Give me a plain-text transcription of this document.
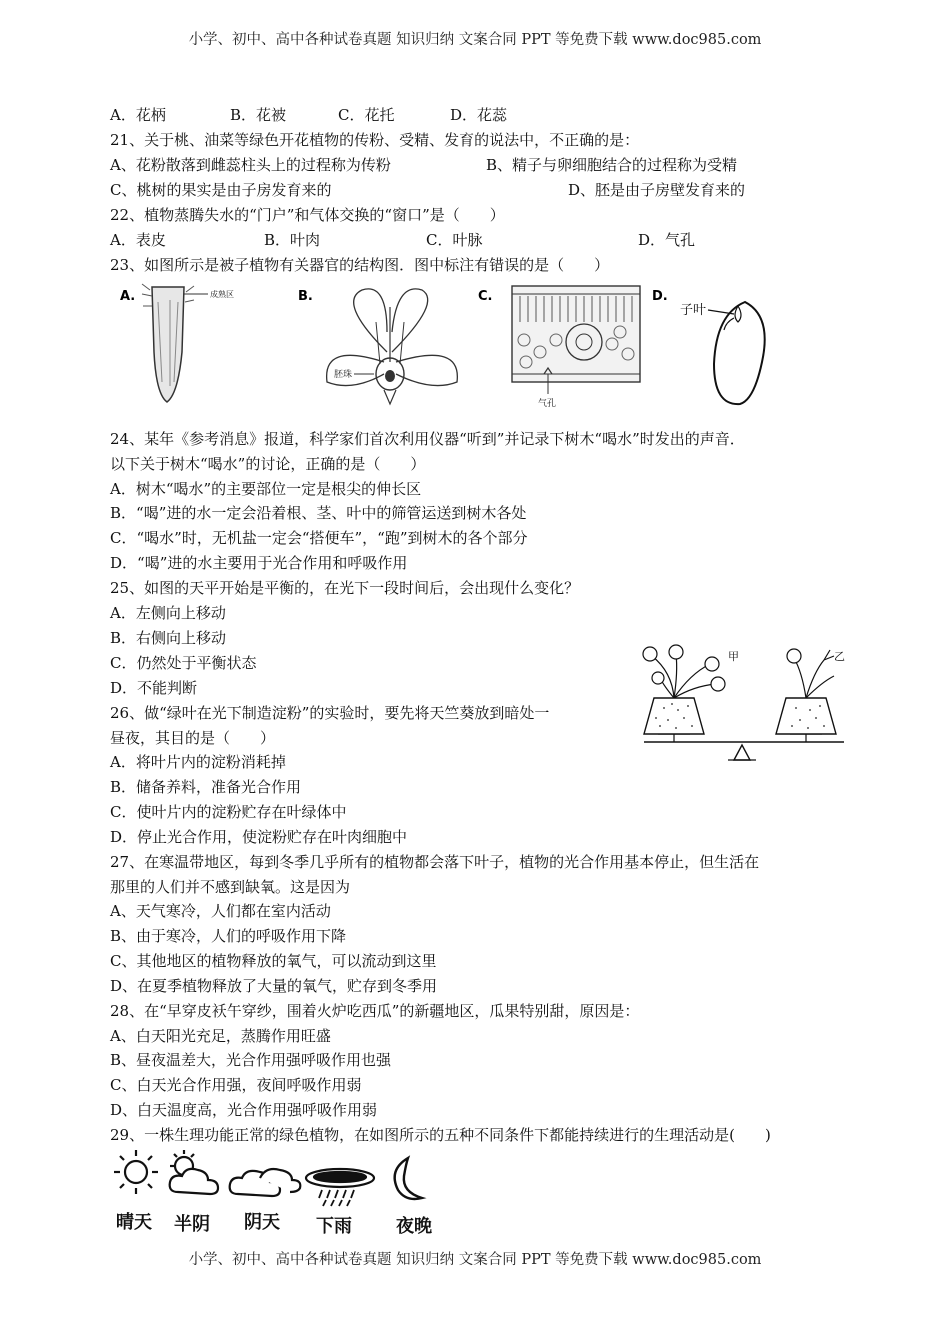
小学、初中、高中各种试卷真题 知识归纳 文案合同 PPT 等免费下载 www.doc985.com
A．花柄	B．花被	C．花托	D．花蕊
21、关于桃、油菜等绿色开花植物的传粉、受精、发育的说法中，不正确的是：
A、花粉散落到雌蕊柱头上的过程称为传粉	B、精子与卵细胞结合的过程称为受精
C、桃树的果实是由子房发育来的	D、胚是由子房壁发育来的
22、植物蒸腾失水的“门户”和气体交换的“窗口”是（　　）
A．表皮	B．叶肉	C．叶脉	D．气孔
23、如图所示是被子植物有关器官的结构图．图中标注有错误的是（　　）
A.	成熟区	B.
胚珠
C.
气孔
D.
子叶
24、某年《参考消息》报道，科学家们首次利用仪器“听到”并记录下树木“喝水”时发出的声音．
以下关于树木“喝水”的讨论，正确的是（　　）
A．树木“喝水”的主要部位一定是根尖的伸长区
B．“喝”进的水一定会沿着根、茎、叶中的筛管运送到树木各处
C．“喝水”时，无机盐一定会“搭便车”，“跑”到树木的各个部分
D．“喝”进的水主要用于光合作用和呼吸作用
25、如图的天平开始是平衡的，在光下一段时间后，会出现什么变化？
A．左侧向上移动
B．右侧向上移动
C．仍然处于平衡状态
D．不能判断
甲	乙
26、做“绿叶在光下制造淀粉”的实验时，要先将天竺葵放到暗处一
昼夜，其目的是（　　）
A．将叶片内的淀粉消耗掉
B．储备养料，准备光合作用
C．使叶片内的淀粉贮存在叶绿体中
D．停止光合作用，使淀粉贮存在叶肉细胞中
27、在寒温带地区，每到冬季几乎所有的植物都会落下叶子，植物的光合作用基本停止，但生活在
那里的人们并不感到缺氧。这是因为
A、天气寒冷，人们都在室内活动
B、由于寒冷，人们的呼吸作用下降
C、其他地区的植物释放的氧气，可以流动到这里
D、在夏季植物释放了大量的氧气，贮存到冬季用
28、在“早穿皮袄午穿纱，围着火炉吃西瓜”的新疆地区，瓜果特别甜，原因是：
A、白天阳光充足，蒸腾作用旺盛
B、昼夜温差大，光合作用强呼吸作用也强
C、白天光合作用强，夜间呼吸作用弱
D、白天温度高，光合作用强呼吸作用弱
29、一株生理功能正常的绿色植物，在如图所示的五种不同条件下都能持续进行的生理活动是(　　)
晴天 半阴 阴天 下雨 夜晚
小学、初中、高中各种试卷真题 知识归纳 文案合同 PPT 等免费下载 www.doc985.com
